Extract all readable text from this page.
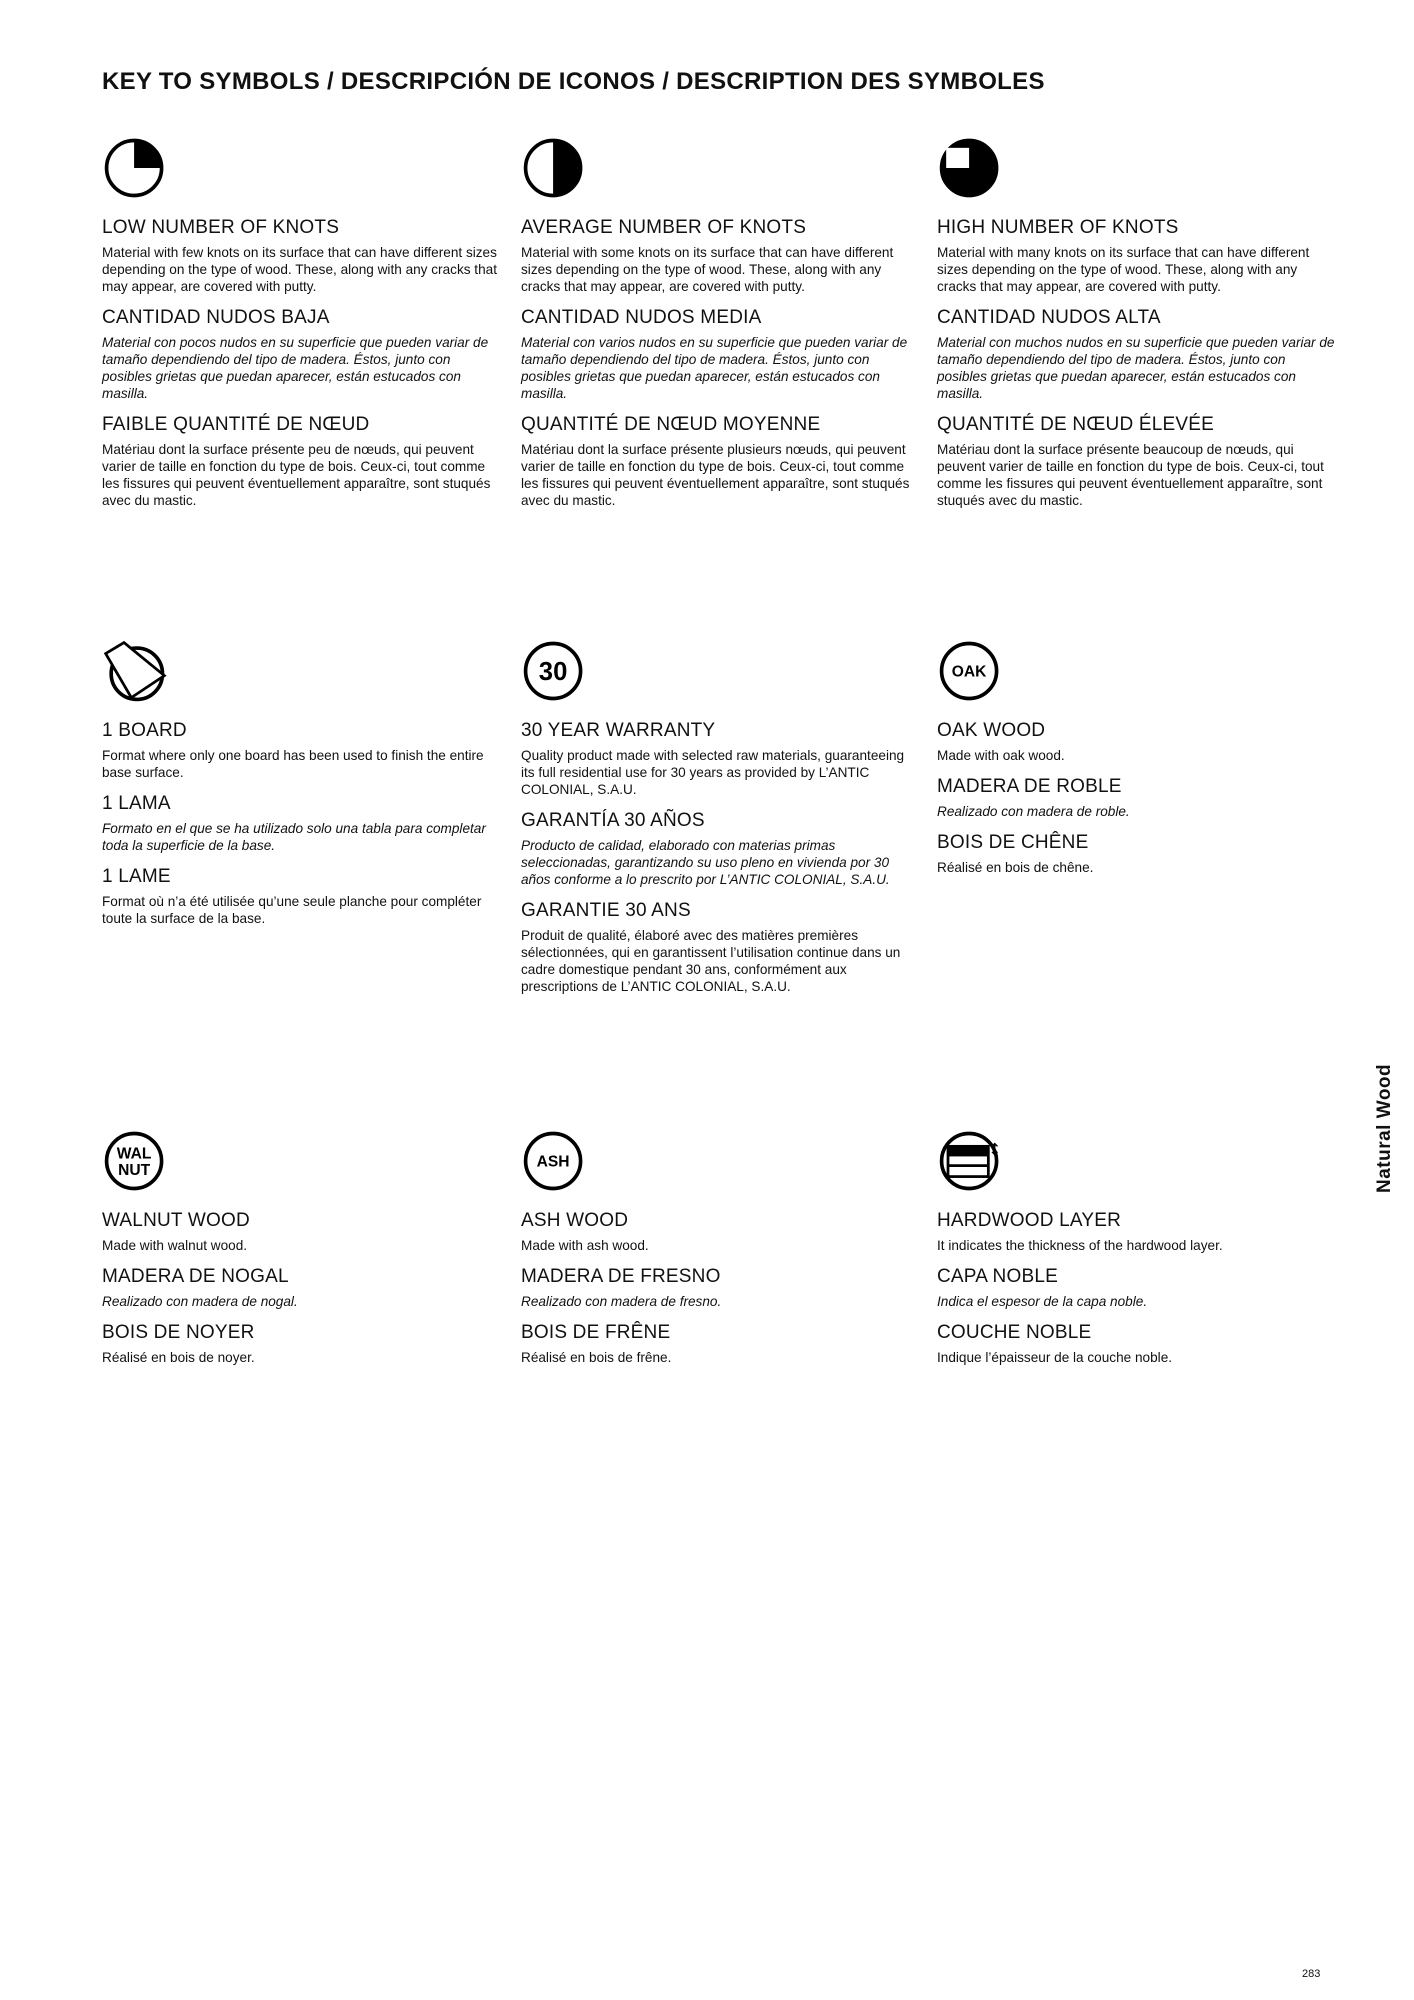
KEY TO SYMBOLS / DESCRIPCIÓN DE ICONOS / DESCRIPTION DES SYMBOLES
LOW NUMBER OF KNOTS

Material with few knots on its surface that can have different sizes depending on the type of wood. These, along with any cracks that may appear, are covered with putty.

CANTIDAD NUDOS BAJA

Material con pocos nudos en su superficie que pueden variar de tamaño dependiendo del tipo de madera. Éstos, junto con posibles grietas que puedan aparecer, están estucados con masilla.

FAIBLE QUANTITÉ DE NŒUD

Matériau dont la surface présente peu de nœuds, qui peuvent varier de taille en fonction du type de bois. Ceux-ci, tout comme les fissures qui peuvent éventuellement apparaître, sont stuqués avec du mastic.

AVERAGE NUMBER OF KNOTS

Material with some knots on its surface that can have different sizes depending on the type of wood. These, along with any cracks that may appear, are covered with putty.

CANTIDAD NUDOS MEDIA

Material con varios nudos en su superficie que pueden variar de tamaño dependiendo del tipo de madera. Éstos, junto con posibles grietas que puedan aparecer, están estucados con masilla.

QUANTITÉ DE NŒUD MOYENNE

Matériau dont la surface présente plusieurs nœuds, qui peuvent varier de taille en fonction du type de bois. Ceux-ci, tout comme les fissures qui peuvent éventuellement apparaître, sont stuqués avec du mastic.

HIGH NUMBER OF KNOTS

Material with many knots on its surface that can have different sizes depending on the type of wood. These, along with any cracks that may appear, are covered with putty.

CANTIDAD NUDOS ALTA

Material con muchos nudos en su superficie que pueden variar de tamaño dependiendo del tipo de madera. Éstos, junto con posibles grietas que puedan aparecer, están estucados con masilla.

QUANTITÉ DE NŒUD ÉLEVÉE

Matériau dont la surface présente beaucoup de nœuds, qui peuvent varier de taille en fonction du type de bois. Ceux-ci, tout comme les fissures qui peuvent éventuellement apparaître, sont stuqués avec du mastic.

1 BOARD

Format where only one board has been used to finish the entire base surface.

1 LAMA

Formato en el que se ha utilizado solo una tabla para completar toda la superficie de la base.

1 LAME

Format où n’a été utilisée qu’une seule planche pour compléter toute la surface de la base.

30
30 YEAR WARRANTY

Quality product made with selected raw materials, guaranteeing its full residential use for 30 years as provided by L’ANTIC COLONIAL, S.A.U.

GARANTÍA 30 AÑOS

Producto de calidad, elaborado con materias primas seleccionadas, garantizando su uso pleno en vivienda por 30 años conforme a lo prescrito por L’ANTIC COLONIAL, S.A.U.

GARANTIE 30 ANS

Produit de qualité, élaboré avec des matières premières sélectionnées, qui en garantissent l’utilisation continue dans un cadre domestique pendant 30 ans, conformément aux prescriptions de L’ANTIC COLONIAL, S.A.U.

OAK
OAK WOOD

Made with oak wood.

MADERA DE ROBLE

Realizado con madera de roble.

BOIS DE CHÊNE

Réalisé en bois de chêne.

WAL
NUT
WALNUT WOOD

Made with walnut wood.

MADERA DE NOGAL

Realizado con madera de nogal.

BOIS DE NOYER

Réalisé en bois de noyer.

ASH
ASH WOOD

Made with ash wood.

MADERA DE FRESNO

Realizado con madera de fresno.

BOIS DE FRÊNE

Réalisé en bois de frêne.

HARDWOOD LAYER

It indicates the thickness of the hardwood layer.

CAPA NOBLE

Indica el espesor de la capa noble.

COUCHE NOBLE

Indique l’épaisseur de la couche noble.

Natural Wood
283
